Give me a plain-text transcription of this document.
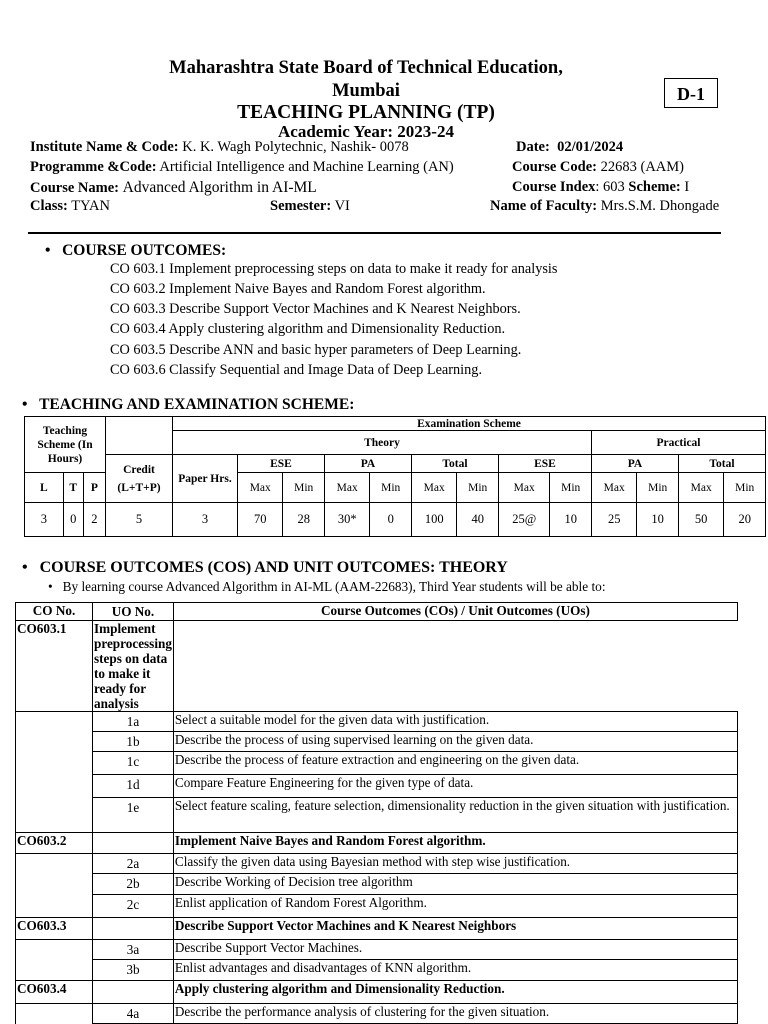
Maharashtra State Board of Technical Education,
Mumbai
TEACHING PLANNING (TP)
Academic Year: 2023-24
D-1
Institute Name & Code: K. K. Wagh Polytechnic, Nashik- 0078	Date: 02/01/2024
Programme &Code: Artificial Intelligence and Machine Learning (AN)	Course Code: 22683 (AAM)
Course Name: Advanced Algorithm in AI-ML	Course Index: 603 Scheme: I
Class: TYAN	Semester: VI	Name of Faculty: Mrs.S.M. Dhongade
• COURSE OUTCOMES:
CO 603.1 Implement preprocessing steps on data to make it ready for analysis
CO 603.2 Implement Naive Bayes and Random Forest algorithm.
CO 603.3 Describe Support Vector Machines and K Nearest Neighbors.
CO 603.4 Apply clustering algorithm and Dimensionality Reduction.
CO 603.5 Describe ANN and basic hyper parameters of Deep Learning.
CO 603.6 Classify Sequential and Image Data of Deep Learning.
• TEACHING AND EXAMINATION SCHEME:
Teaching Scheme (In Hours)				Examination Scheme												
				Theory									Practical			
			Credit (L+T+P)	Paper Hrs.	ESE		PA		Total		ESE		PA		Total	
L	T	P			Max	Min	Max	Min	Max	Min	Max	Min	Max	Min	Max	Min
3	0	2	5	3	70	28	30*	0	100	40	25@	10	25	10	50	20
• COURSE OUTCOMES (COS) AND UNIT OUTCOMES: THEORY
• By learning course Advanced Algorithm in AI-ML (AAM-22683), Third Year students will be able to:
CO No.	UO No.	Course Outcomes (COs) / Unit Outcomes (UOs)
CO603.1	Implement preprocessing steps on data to make it ready for analysis	
	1a	Select a suitable model for the given data with justification.
	1b	Describe the process of using supervised learning on the given data.
	1c	Describe the process of feature extraction and engineering on the given data.
	1d	Compare Feature Engineering for the given type of data.
	1e	Select feature scaling, feature selection, dimensionality reduction in the given situation with justification.
CO603.2		Implement Naive Bayes and Random Forest algorithm.
	2a	Classify the given data using Bayesian method with step wise justification.
	2b	Describe Working of Decision tree algorithm
	2c	Enlist application of Random Forest Algorithm.
CO603.3		Describe Support Vector Machines and K Nearest Neighbors
	3a	Describe Support Vector Machines.
	3b	Enlist advantages and disadvantages of KNN algorithm.
CO603.4		Apply clustering algorithm and Dimensionality Reduction.
	4a	Describe the performance analysis of clustering for the given situation.
